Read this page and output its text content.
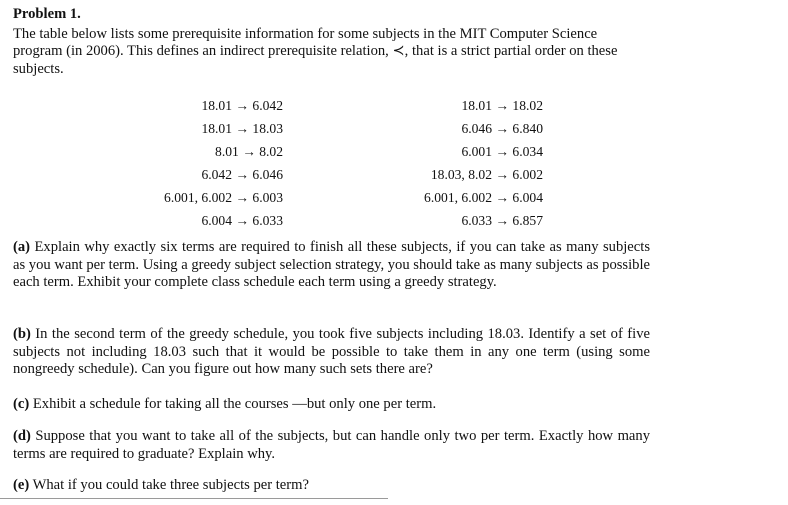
Problem 1.

The table below lists some prerequisite information for some subjects in the MIT Computer Science program (in 2006). This defines an indirect prerequisite relation, ≺, that is a strict partial order on these subjects.

18.01 → 6.042
18.01 → 18.03
8.01 → 8.02
6.042 → 6.046
6.001, 6.002 → 6.003
6.004 → 6.033
18.01 → 18.02
6.046 → 6.840
6.001 → 6.034
18.03, 8.02 → 6.002
6.001, 6.002 → 6.004
6.033 → 6.857

(a) Explain why exactly six terms are required to finish all these subjects, if you can take as many subjects as you want per term. Using a greedy subject selection strategy, you should take as many subjects as possible each term. Exhibit your complete class schedule each term using a greedy strategy.

(b) In the second term of the greedy schedule, you took five subjects including 18.03. Identify a set of five subjects not including 18.03 such that it would be possible to take them in any one term (using some nongreedy schedule). Can you figure out how many such sets there are?

(c) Exhibit a schedule for taking all the courses —but only one per term.

(d) Suppose that you want to take all of the subjects, but can handle only two per term. Exactly how many terms are required to graduate? Explain why.

(e) What if you could take three subjects per term?
